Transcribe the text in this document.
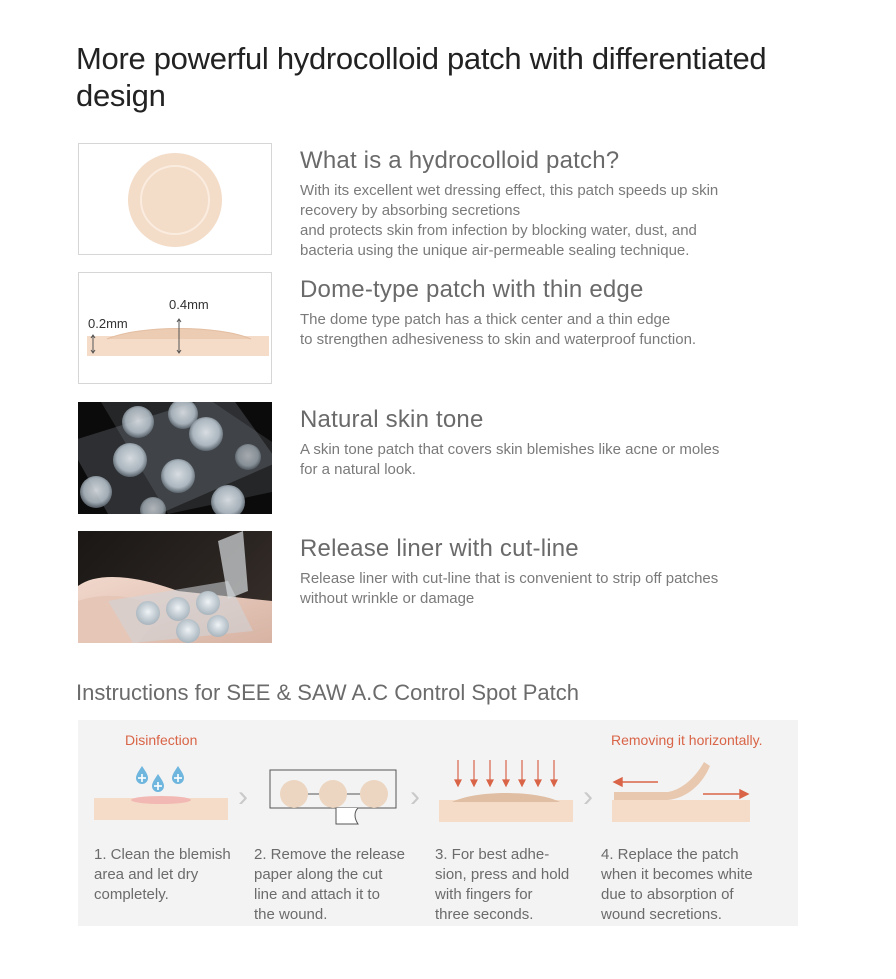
More powerful hydrocolloid patch with differentiated design
What is a hydrocolloid patch?

With its excellent wet dressing effect, this patch speeds up skin
recovery by absorbing secretions
and protects skin from infection by blocking water, dust, and
bacteria using the unique air-permeable sealing technique.

0.2mm
0.4mm
Dome-type patch with thin edge

The dome type patch has a thick center and a thin edge
to strengthen adhesiveness to skin and waterproof function.

Natural skin tone

A skin tone patch that covers skin blemishes like acne or moles
for a natural look.

Release liner with cut-line

Release liner with cut-line that is convenient to strip off patches
without wrinkle or damage

Instructions for SEE & SAW A.C Control Spot Patch
Disinfection	Removing it horizontally.
›	›	›
1. Clean the blemish
area and let dry
completely.
2. Remove the release
paper along the cut
line and attach it to
the wound.
3. For best adhe-
sion, press and hold
with fingers for
three seconds.
4. Replace the patch
when it becomes white
due to absorption of
wound secretions.
